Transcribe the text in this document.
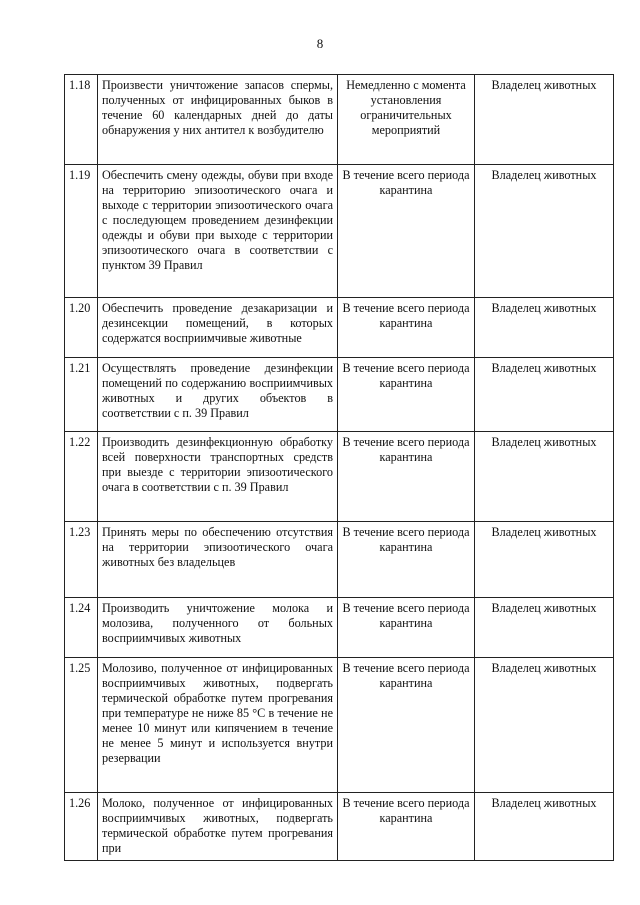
8
1.18	Произвести уничтожение запасов спермы, полученных от инфицированных быков в течение 60 календарных дней до даты обнаружения у них антител к возбудителю	Немедленно с момента установления ограничительных мероприятий	Владелец животных
1.19	Обеспечить смену одежды, обуви при входе на территорию эпизоотического очага и выходе с территории эпизоотического очага с последующем проведением дезинфекции одежды и обуви при выходе с территории эпизоотического очага в соответствии с пунктом 39 Правил	В течение всего периода карантина	Владелец животных
1.20	Обеспечить проведение дезакаризации и дезинсекции помещений, в которых содержатся восприимчивые животные	В течение всего периода карантина	Владелец животных
1.21	Осуществлять проведение дезинфекции помещений по содержанию восприимчивых животных и других объектов в соответствии с п. 39 Правил	В течение всего периода карантина	Владелец животных
1.22	Производить дезинфекционную обработку всей поверхности транспортных средств при выезде с территории эпизоотического очага в соответствии с п. 39 Правил	В течение всего периода карантина	Владелец животных
1.23	Принять меры по обеспечению отсутствия на территории эпизоотического очага животных без владельцев	В течение всего периода карантина	Владелец животных
1.24	Производить уничтожение молока и молозива, полученного от больных восприимчивых животных	В течение всего периода карантина	Владелец животных
1.25	Молозиво, полученное от инфицированных восприимчивых животных, подвергать термической обработке путем прогревания при температуре не ниже 85 °С в течение не менее 10 минут или кипячением в течение не менее 5 минут и используется внутри резервации	В течение всего периода карантина	Владелец животных
1.26	Молоко, полученное от инфицированных восприимчивых животных, подвергать термической обработке путем прогревания при	В течение всего периода карантина	Владелец животных
